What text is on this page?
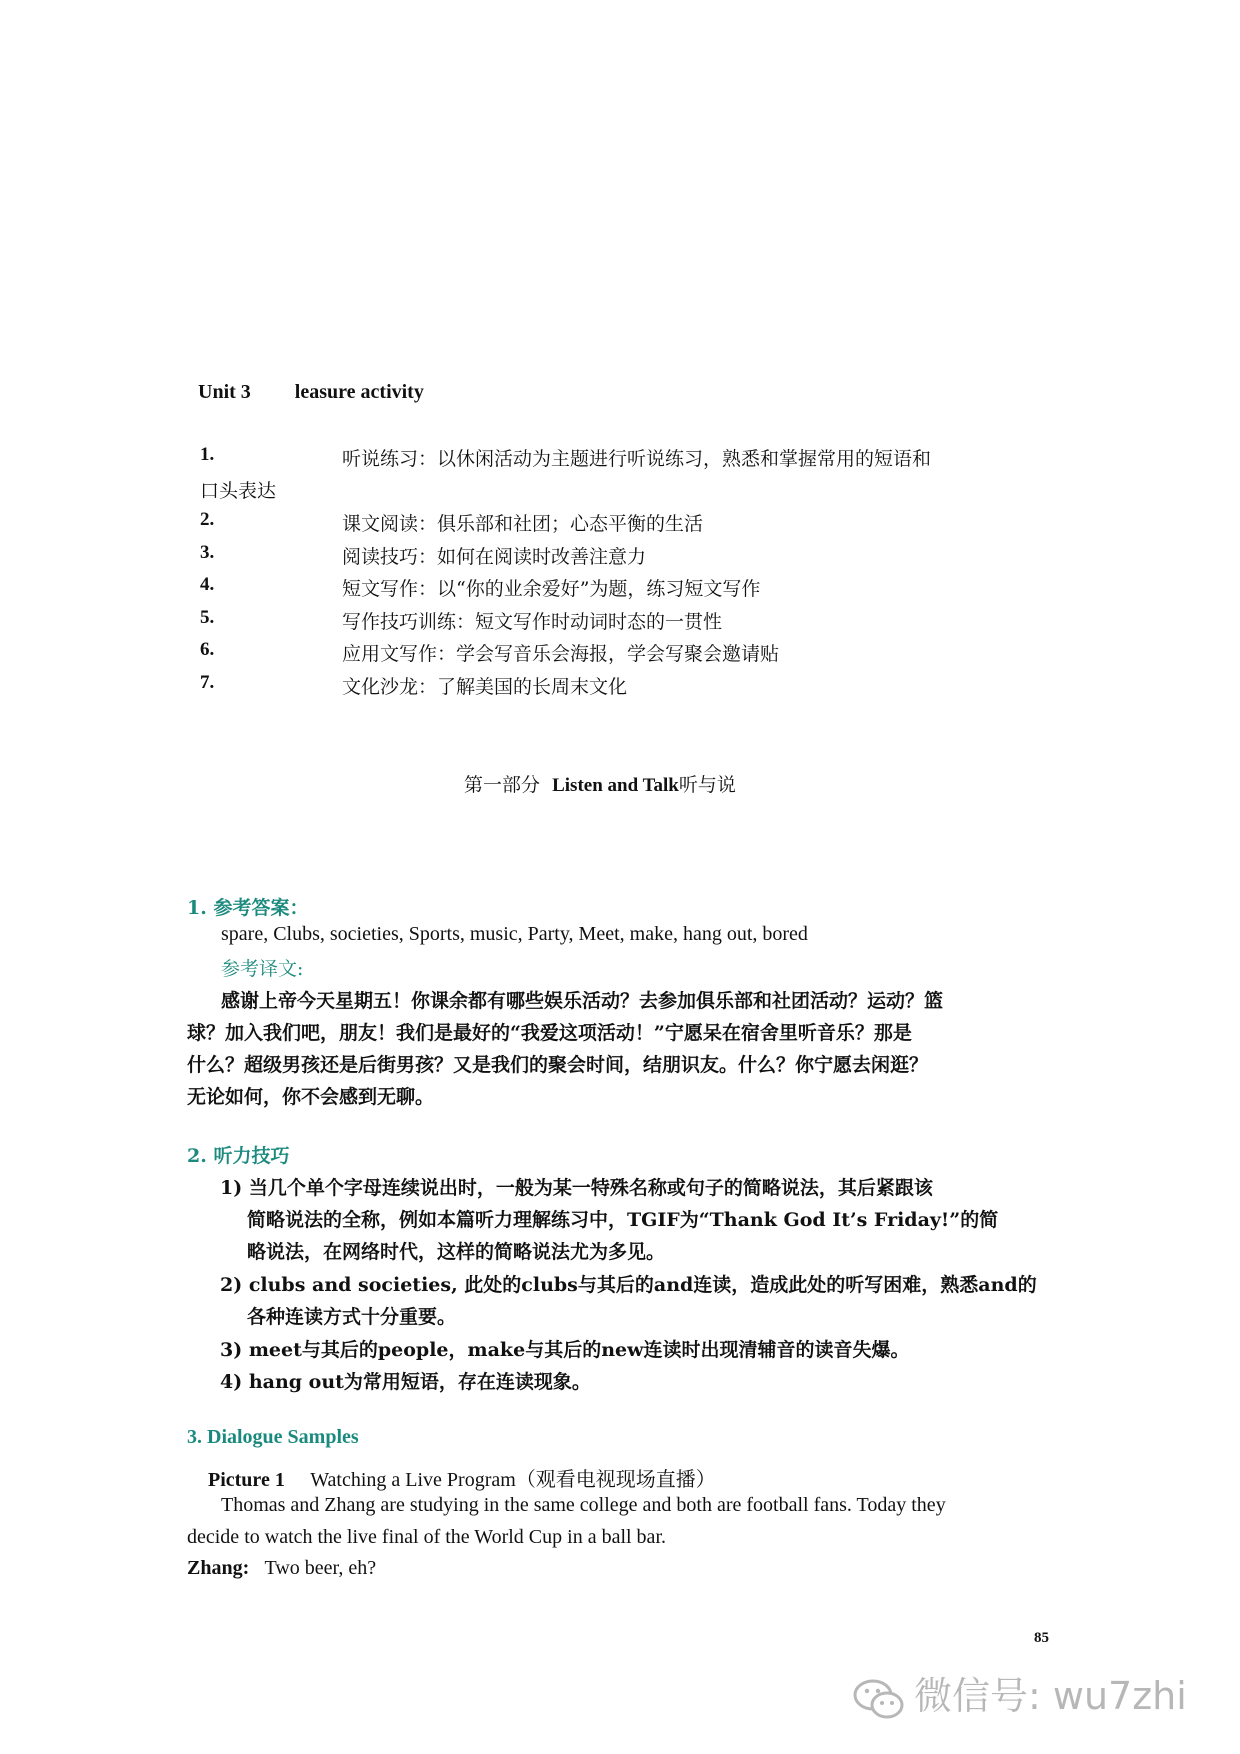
Unit 3 leasure activity
1.	听说练习：以休闲活动为主题进行听说练习，熟悉和掌握常用的短语和
口头表达
2.	课文阅读：俱乐部和社团；心态平衡的生活
3.	阅读技巧：如何在阅读时改善注意力
4.	短文写作：以“你的业余爱好”为题，练习短文写作
5.	写作技巧训练：短文写作时动词时态的一贯性
6.	应用文写作：学会写音乐会海报，学会写聚会邀请贴
7.	文化沙龙：了解美国的长周末文化
第一部分 Listen and Talk听与说
1. 参考答案：
spare, Clubs, societies, Sports, music, Party, Meet, make, hang out, bored
参考译文:
感谢上帝今天星期五！你课余都有哪些娱乐活动？去参加俱乐部和社团活动？运动？篮
球？加入我们吧，朋友！我们是最好的“我爱这项活动！”宁愿呆在宿舍里听音乐？那是
什么？超级男孩还是后街男孩？又是我们的聚会时间，结朋识友。什么？你宁愿去闲逛？
无论如何，你不会感到无聊。
2. 听力技巧
1) 当几个单个字母连续说出时，一般为某一特殊名称或句子的简略说法，其后紧跟该
简略说法的全称，例如本篇听力理解练习中，TGIF为“Thank God It’s Friday!”的简
略说法，在网络时代，这样的简略说法尤为多见。
2) clubs and societies, 此处的clubs与其后的and连读，造成此处的听写困难，熟悉and的
各种连读方式十分重要。
3) meet与其后的people，make与其后的new连读时出现清辅音的读音失爆。
4) hang out为常用短语，存在连读现象。
3. Dialogue Samples
Picture 1 Watching a Live Program（观看电视现场直播）
Thomas and Zhang are studying in the same college and both are football fans. Today they
decide to watch the live final of the World Cup in a ball bar.
Zhang: Two beer, eh?
85
微信号: wu7zhi
